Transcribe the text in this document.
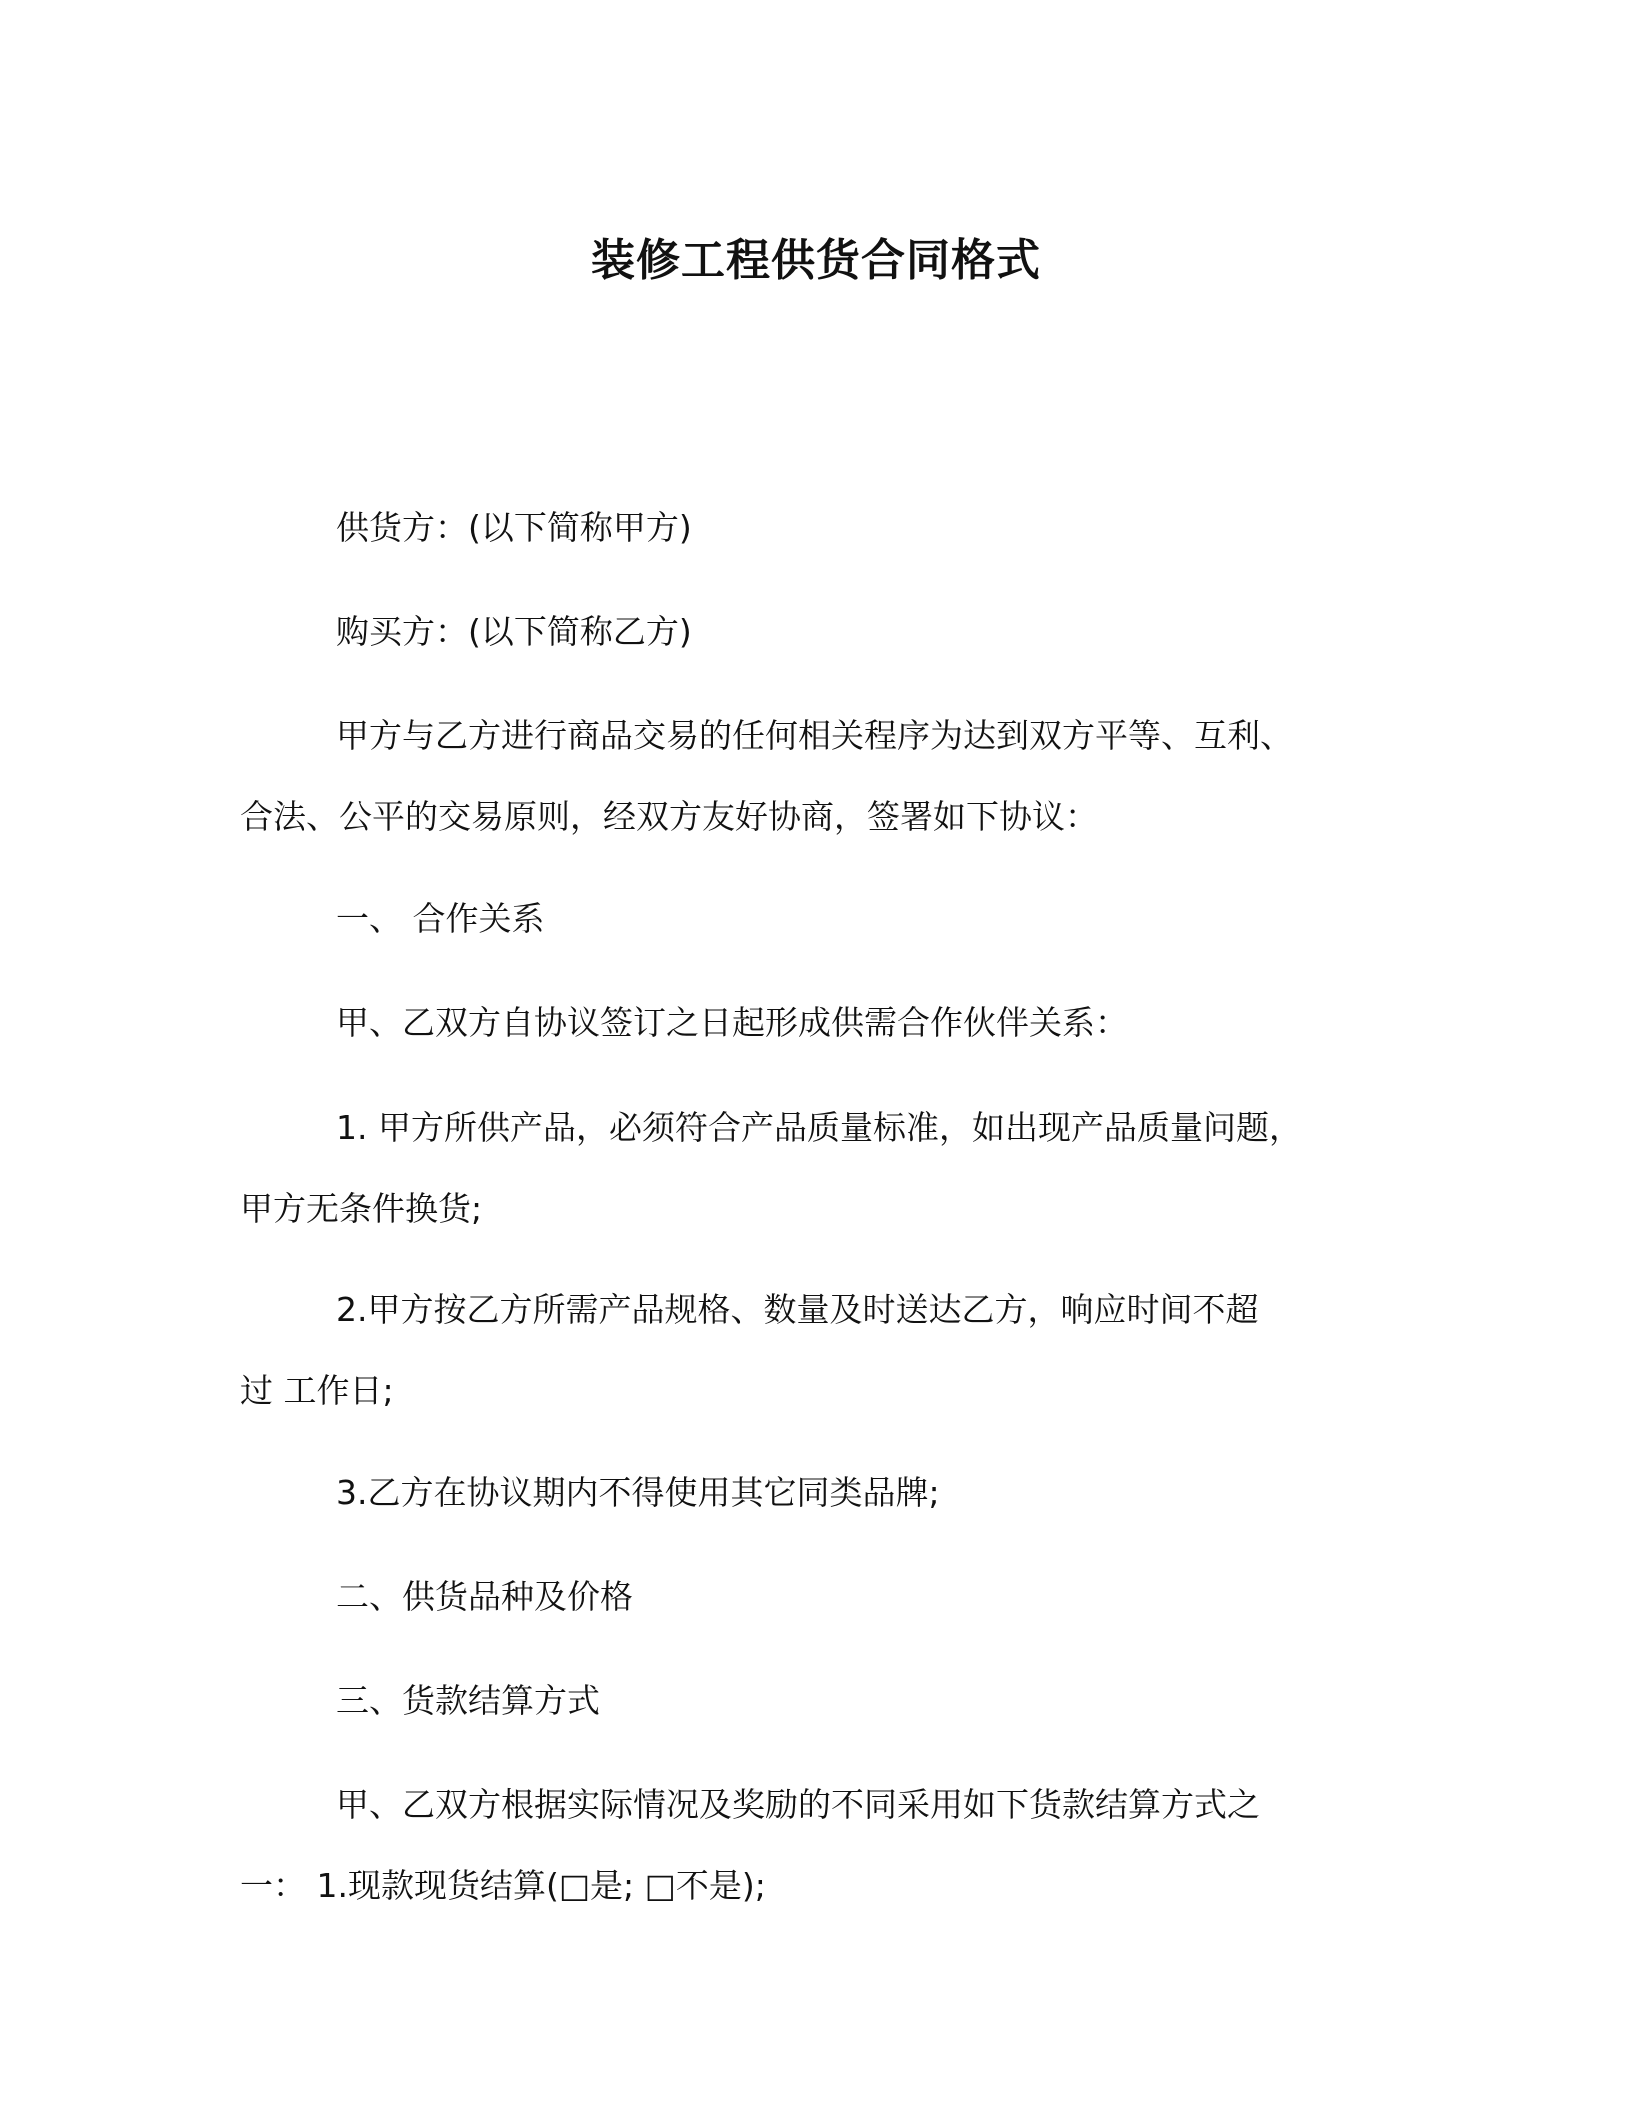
装修工程供货合同格式

供货方：(以下简称甲方)

购买方：(以下简称乙方)

甲方与乙方进行商品交易的任何相关程序为达到双方平等、互利、
合法、公平的交易原则，经双方友好协商，签署如下协议：

一、 合作关系

甲、乙双方自协议签订之日起形成供需合作伙伴关系：

1. 甲方所供产品，必须符合产品质量标准，如出现产品质量问题，
甲方无条件换货;

2.甲方按乙方所需产品规格、数量及时送达乙方，响应时间不超
过 工作日;

3.乙方在协议期内不得使用其它同类品牌;

二、供货品种及价格

三、货款结算方式

甲、乙双方根据实际情况及奖励的不同采用如下货款结算方式之
一： 1.现款现货结算(□是; □不是);
